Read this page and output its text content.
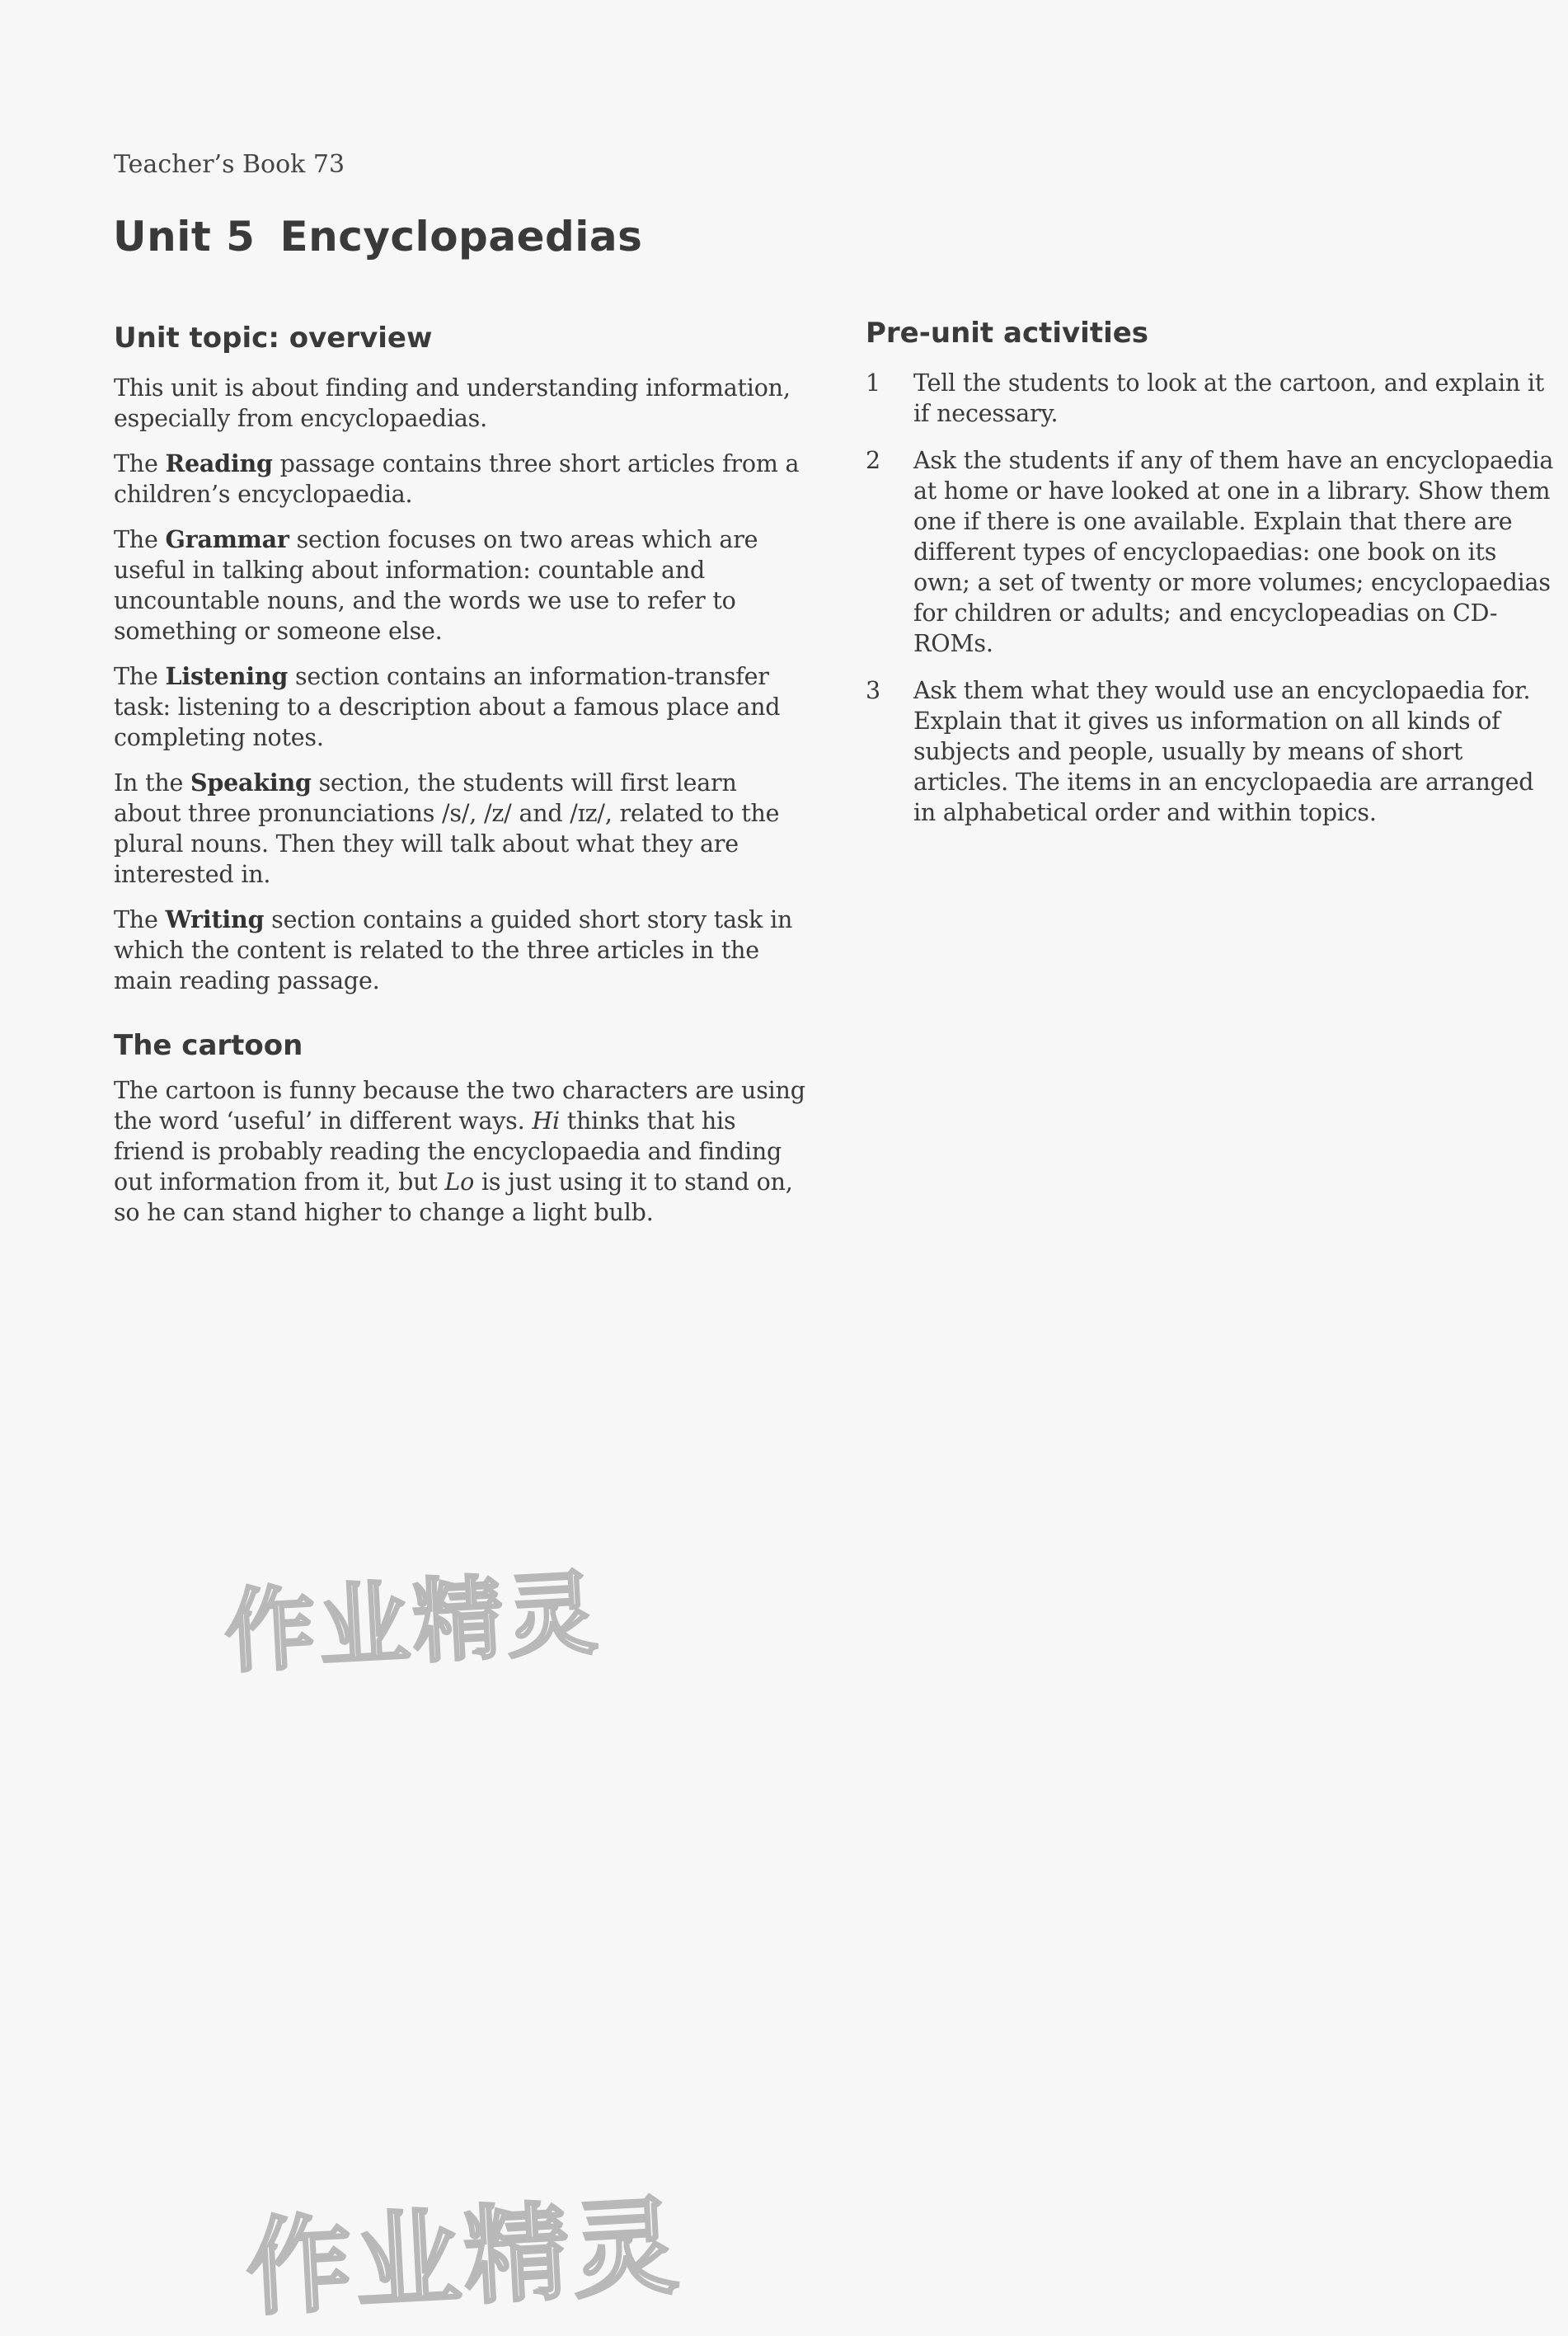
Teacher’s Book 73
Unit 5 Encyclopaedias
Unit topic: overview

This unit is about finding and understanding information, especially from encyclopaedias.

The Reading passage contains three short articles from a children’s encyclopaedia.

The Grammar section focuses on two areas which are useful in talking about information: countable and uncountable nouns, and the words we use to refer to something or someone else.

The Listening section contains an information-transfer task: listening to a description about a famous place and completing notes.

In the Speaking section, the students will first learn about three pronunciations /s/, /z/ and /ɪz/, related to the plural nouns. Then they will talk about what they are interested in.

The Writing section contains a guided short story task in which the content is related to the three articles in the main reading passage.

The cartoon

The cartoon is funny because the two characters are using the word ‘useful’ in different ways. Hi thinks that his friend is probably reading the encyclopaedia and finding out information from it, but Lo is just using it to stand on, so he can stand higher to change a light bulb.

Pre-unit activities
1	Tell the students to look at the cartoon, and explain it if necessary.
2	Ask the students if any of them have an encyclopaedia at home or have looked at one in a library. Show them one if there is one available. Explain that there are different types of encyclopaedias: one book on its own; a set of twenty or more volumes; encyclopaedias for children or adults; and encyclopeadias on CD-ROMs.
3	Ask them what they would use an encyclopaedia for. Explain that it gives us information on all kinds of subjects and people, usually by means of short articles. The items in an encyclopaedia are arranged in alphabetical order and within topics.
作业精灵
作业精灵
